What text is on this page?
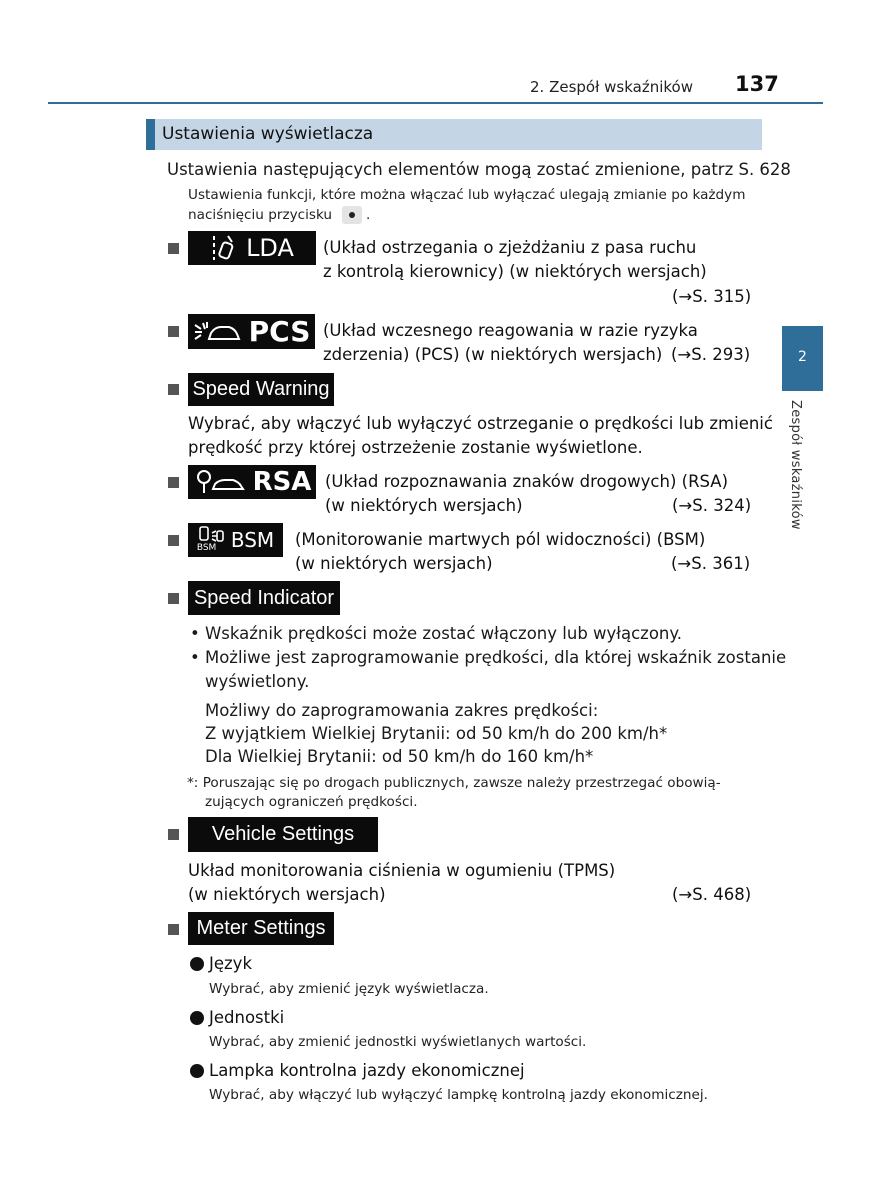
2. Zespół wskaźników 137
2
Zespół wskaźników
Ustawienia wyświetlacza
Ustawienia następujących elementów mogą zostać zmienione, patrz S. 628
Ustawienia funkcji, które można włączać lub wyłączać ulegają zmianie po każdym
naciśnięciu przycisku .
LDA (Układ ostrzegania o zjeżdżaniu z pasa ruchu
z kontrolą kierownicy) (w niektórych wersjach)
(→S. 315)
PCS (Układ wczesnego reagowania w razie ryzyka
zderzenia) (PCS) (w niektórych wersjach) (→S. 293)
Speed Warning
Wybrać, aby włączyć lub wyłączyć ostrzeganie o prędkości lub zmienić
prędkość przy której ostrzeżenie zostanie wyświetlone.
RSA (Układ rozpoznawania znaków drogowych) (RSA)
(w niektórych wersjach)	(→S. 324)
BSM BSM (Monitorowanie martwych pól widoczności) (BSM)
(w niektórych wersjach)	(→S. 361)
Speed Indicator
• Wskaźnik prędkości może zostać włączony lub wyłączony.
• Możliwe jest zaprogramowanie prędkości, dla której wskaźnik zostanie
wyświetlony.
Możliwy do zaprogramowania zakres prędkości:
Z wyjątkiem Wielkiej Brytanii: od 50 km/h do 200 km/h*
Dla Wielkiej Brytanii: od 50 km/h do 160 km/h*
*: Poruszając się po drogach publicznych, zawsze należy przestrzegać obowią-
zujących ograniczeń prędkości.
Vehicle Settings
Układ monitorowania ciśnienia w ogumieniu (TPMS)
(w niektórych wersjach)	(→S. 468)
Meter Settings
Język
Wybrać, aby zmienić język wyświetlacza.
Jednostki
Wybrać, aby zmienić jednostki wyświetlanych wartości.
Lampka kontrolna jazdy ekonomicznej
Wybrać, aby włączyć lub wyłączyć lampkę kontrolną jazdy ekonomicznej.
